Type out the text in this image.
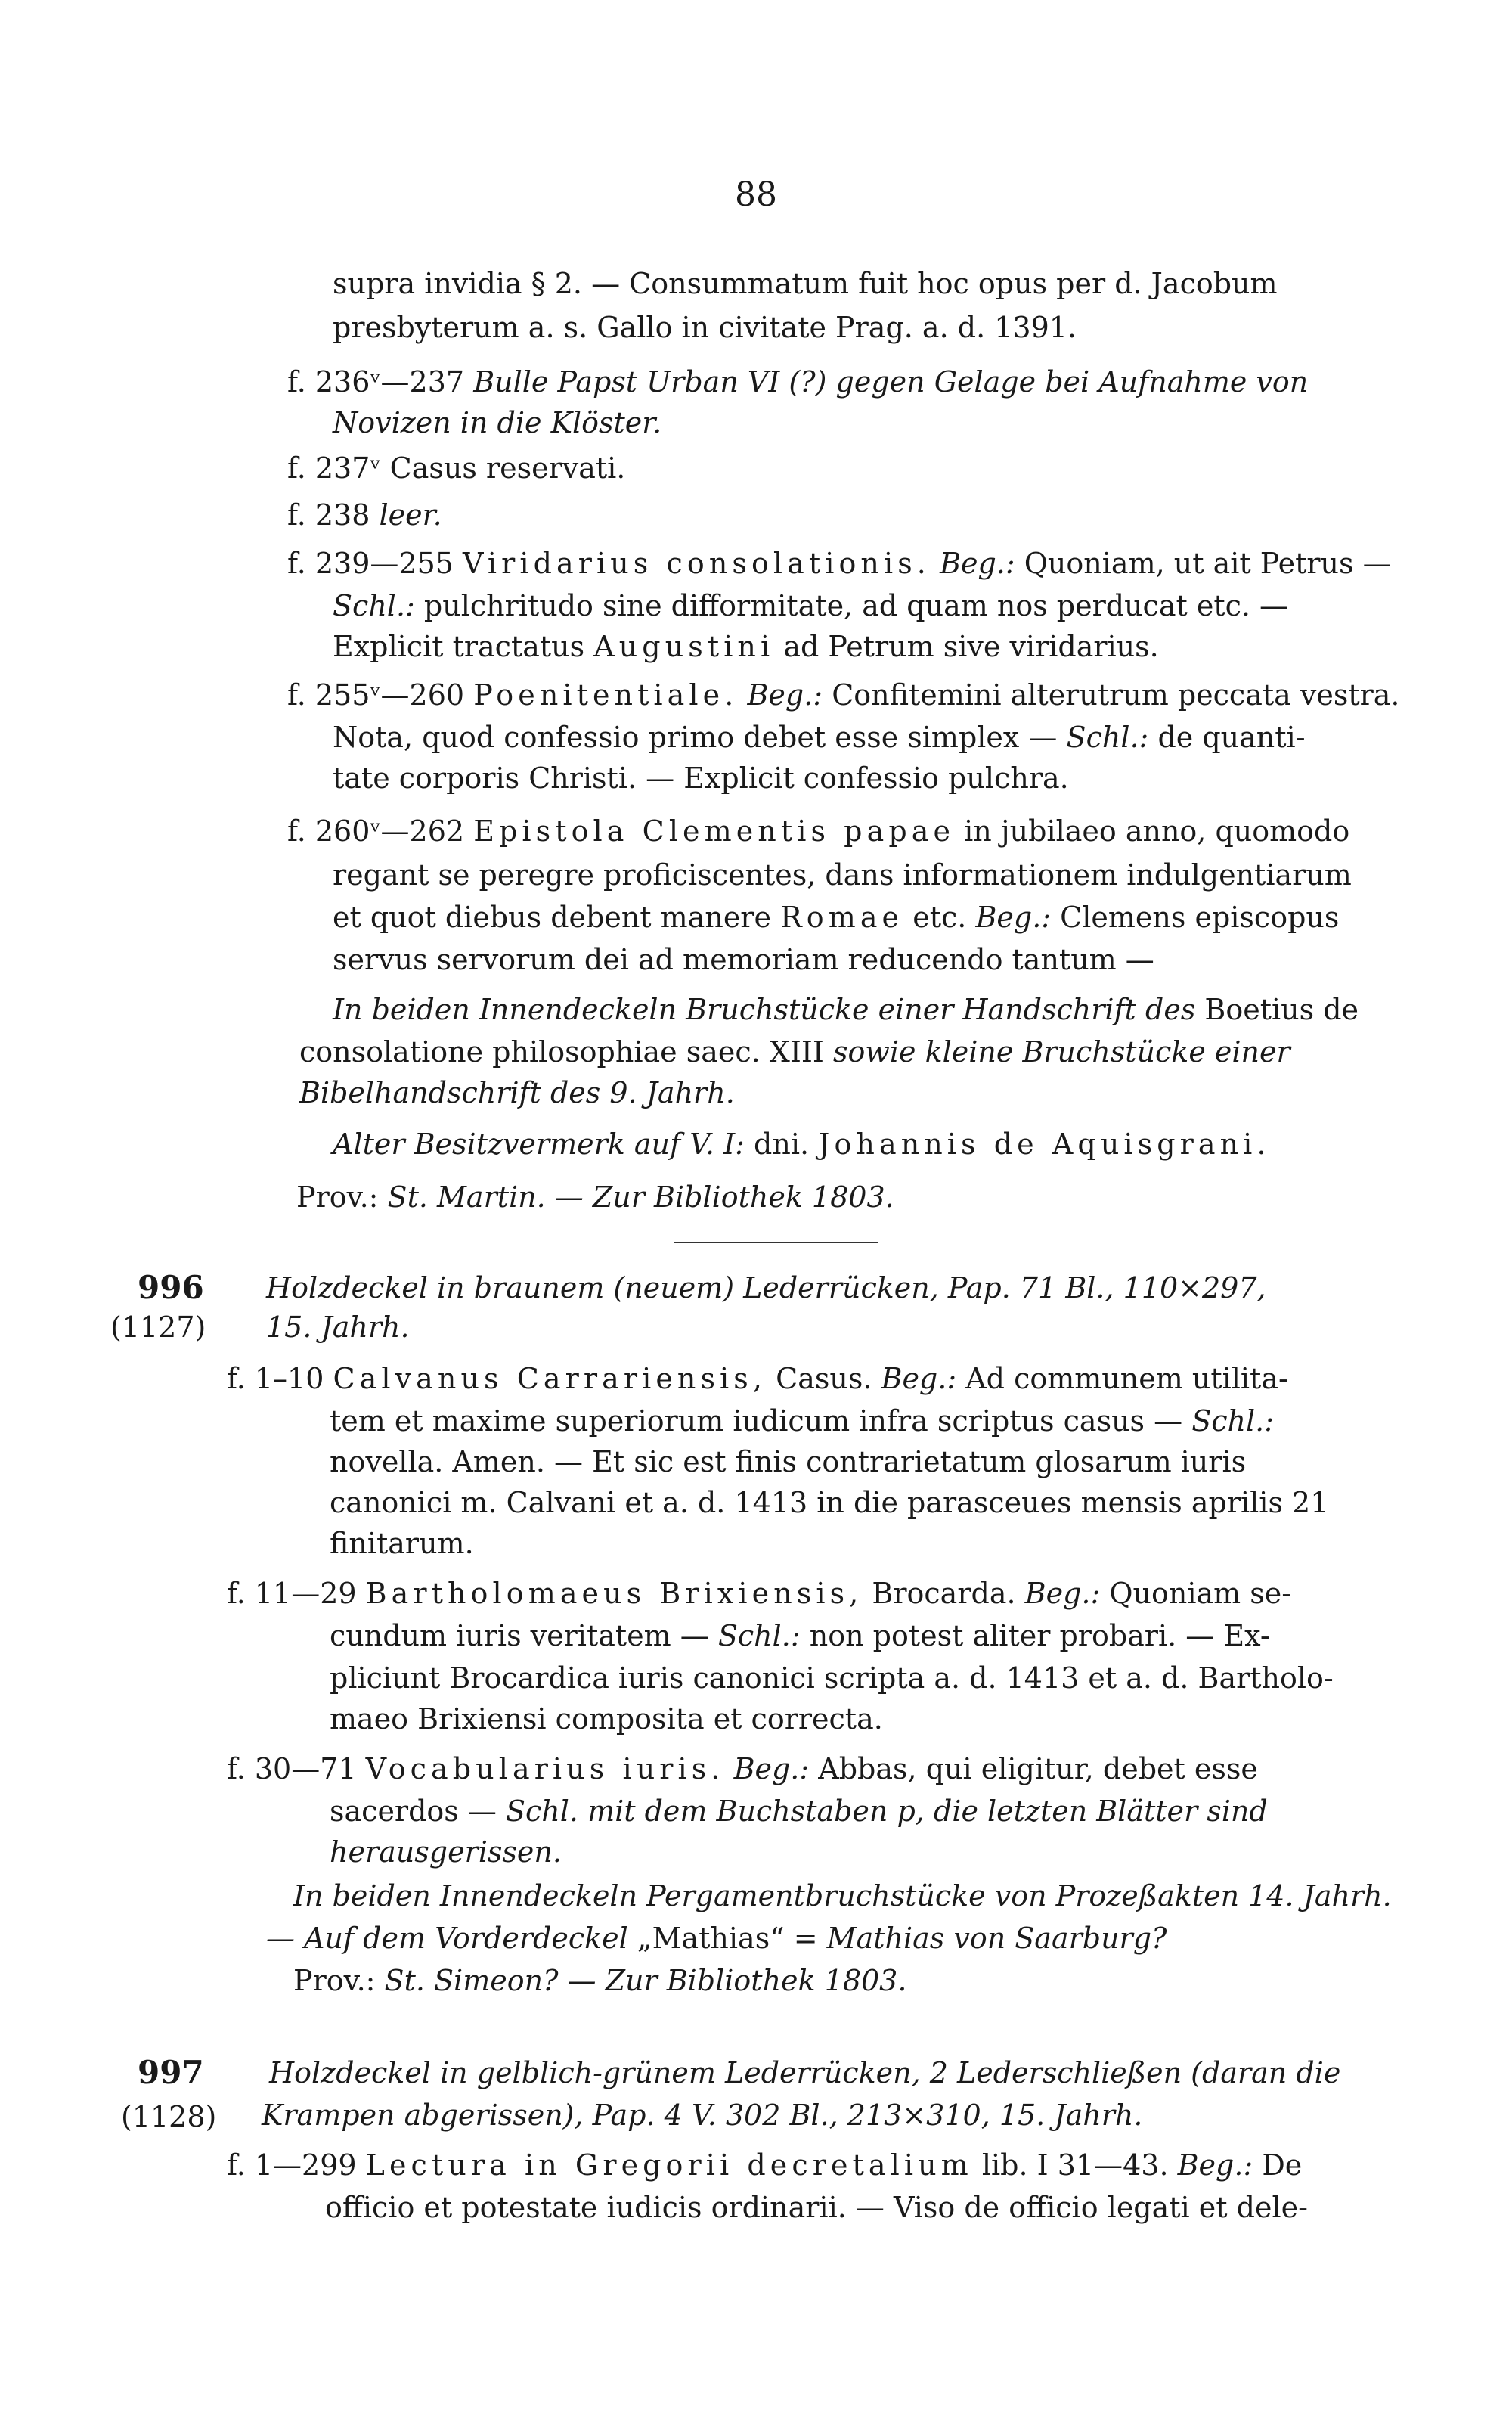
88
supra invidia § 2. — Consummatum fuit hoc opus per d. Jacobum
presbyterum a. s. Gallo in civitate Prag. a. d. 1391.
f. 236ᵛ—237 Bulle Papst Urban VI (?) gegen Gelage bei Aufnahme von
Novizen in die Klöster.
f. 237ᵛ Casus reservati.
f. 238 leer.
f. 239—255 Viridarius consolationis. Beg.: Quoniam, ut ait Petrus —
Schl.: pulchritudo sine difformitate, ad quam nos perducat etc. —
Explicit tractatus Augustini ad Petrum sive viridarius.
f. 255ᵛ—260 Poenitentiale. Beg.: Confitemini alterutrum peccata vestra.
Nota, quod confessio primo debet esse simplex — Schl.: de quanti-
tate corporis Christi. — Explicit confessio pulchra.
f. 260ᵛ—262 Epistola Clementis papae in jubilaeo anno, quomodo
regant se peregre proficiscentes, dans informationem indulgentiarum
et quot diebus debent manere Romae etc. Beg.: Clemens episcopus
servus servorum dei ad memoriam reducendo tantum —
In beiden Innendeckeln Bruchstücke einer Handschrift des Boetius de
consolatione philosophiae saec. XIII sowie kleine Bruchstücke einer
Bibelhandschrift des 9. Jahrh.
Alter Besitzvermerk auf V. I: dni. Johannis de Aquisgrani.
Prov.: St. Martin. — Zur Bibliothek 1803.
996
(1127)
Holzdeckel in braunem (neuem) Lederrücken, Pap. 71 Bl., 110×297,
15. Jahrh.
f. 1–10 Calvanus Carrariensis, Casus. Beg.: Ad communem utilita-
tem et maxime superiorum iudicum infra scriptus casus — Schl.:
novella. Amen. — Et sic est finis contrarietatum glosarum iuris
canonici m. Calvani et a. d. 1413 in die parasceues mensis aprilis 21
finitarum.
f. 11—29 Bartholomaeus Brixiensis, Brocarda. Beg.: Quoniam se-
cundum iuris veritatem — Schl.: non potest aliter probari. — Ex-
pliciunt Brocardica iuris canonici scripta a. d. 1413 et a. d. Bartholo-
maeo Brixiensi composita et correcta.
f. 30—71 Vocabularius iuris. Beg.: Abbas, qui eligitur, debet esse
sacerdos — Schl. mit dem Buchstaben p, die letzten Blätter sind
herausgerissen.
In beiden Innendeckeln Pergamentbruchstücke von Prozeßakten 14. Jahrh.
— Auf dem Vorderdeckel „Mathias“ = Mathias von Saarburg?
Prov.: St. Simeon? — Zur Bibliothek 1803.
997
(1128)
Holzdeckel in gelblich-grünem Lederrücken, 2 Lederschließen (daran die
Krampen abgerissen), Pap. 4 V. 302 Bl., 213×310, 15. Jahrh.
f. 1—299 Lectura in Gregorii decretalium lib. I 31—43. Beg.: De
officio et potestate iudicis ordinarii. — Viso de officio legati et dele-
